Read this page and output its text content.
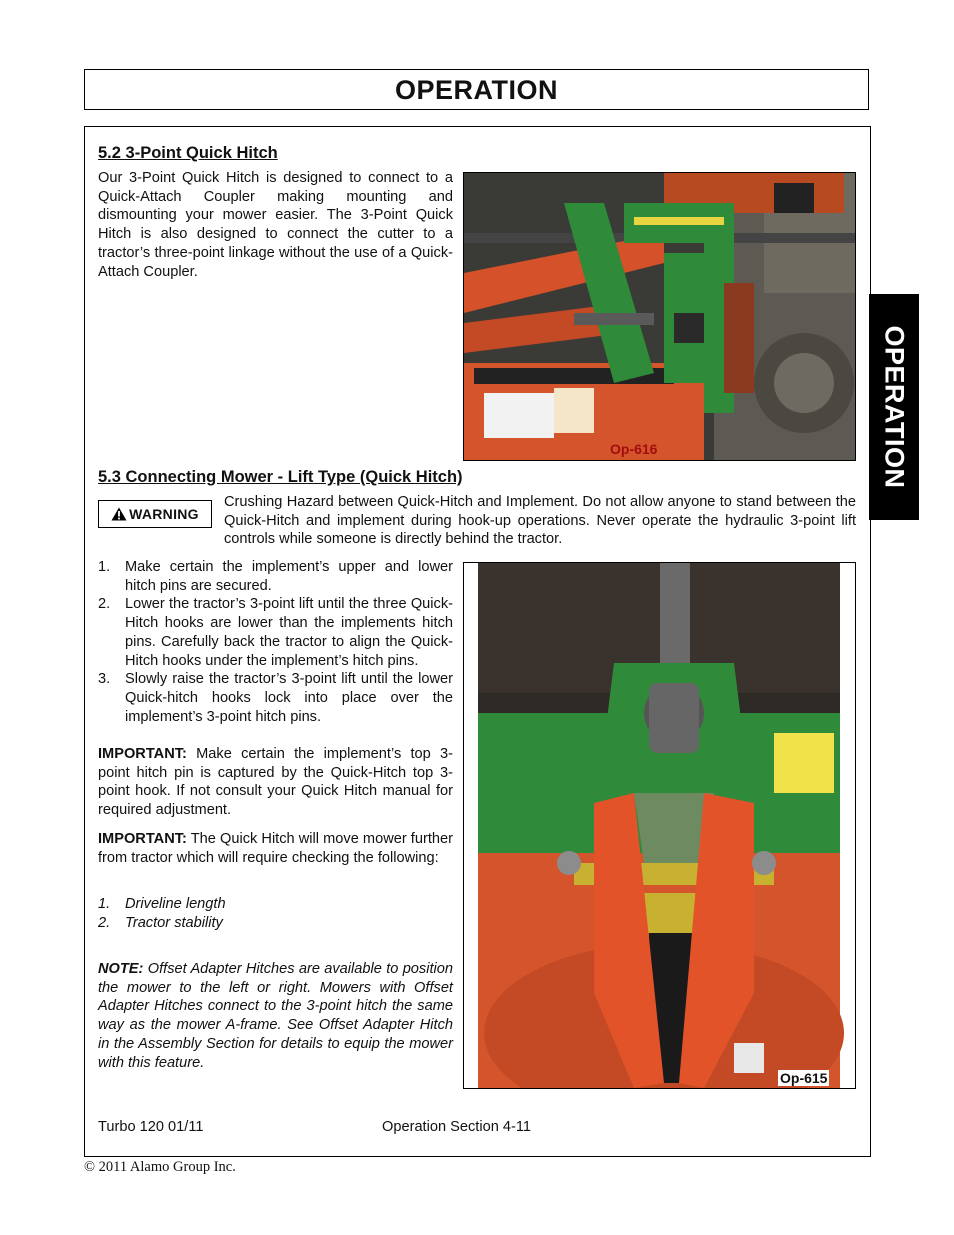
OPERATION
OPERATION
5.2 3-Point Quick Hitch
Our 3-Point Quick Hitch is designed to connect to a Quick-Attach Coupler making mounting and dismounting your mower easier. The 3-Point Quick Hitch is also designed to connect the cutter to a tractor’s three-point linkage without the use of a Quick-Attach Coupler.
Op-616
5.3 Connecting Mower - Lift Type (Quick Hitch)
WARNING
Crushing Hazard between Quick-Hitch and Implement. Do not allow anyone to stand between the Quick-Hitch and implement during hook-up operations. Never operate the hydraulic 3-point lift controls while someone is directly behind the tractor.
1. Make certain the implement’s upper and lower hitch pins are secured.
2. Lower the tractor’s 3-point lift until the three Quick-Hitch hooks are lower than the implements hitch pins. Carefully back the tractor to align the Quick-Hitch hooks under the implement’s hitch pins.
3. Slowly raise the tractor’s 3-point lift until the lower Quick-hitch hooks lock into place over the implement’s 3-point hitch pins.
IMPORTANT: Make certain the implement’s top 3-point hitch pin is captured by the Quick-Hitch top 3-point hook. If not consult your Quick Hitch manual for required adjustment.
IMPORTANT: The Quick Hitch will move mower further from tractor which will require checking the following:
1. Driveline length
2. Tractor stability
NOTE: Offset Adapter Hitches are available to position the mower to the left or right. Mowers with Offset Adapter Hitches connect to the 3-point hitch the same way as the mower A-frame. See Offset Adapter Hitch in the Assembly Section for details to equip the mower with this feature.
Op-615
Turbo 120 01/11	Operation Section 4-11
© 2011 Alamo Group Inc.
